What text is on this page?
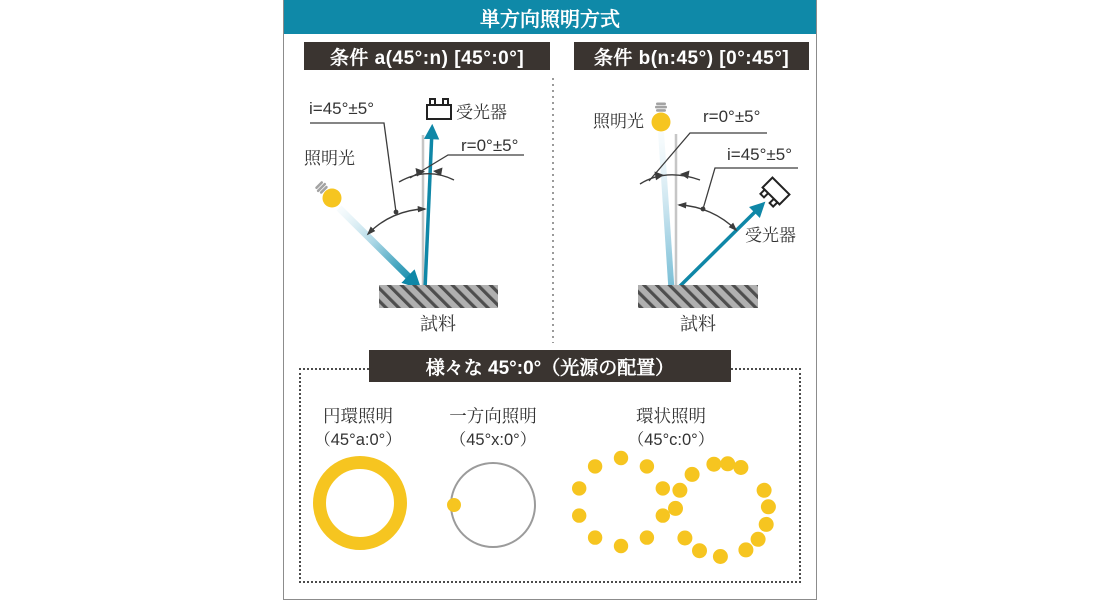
単方向照明方式
条件 a(45°:n) [45°:0°]	条件 b(n:45°) [0°:45°]
i=45°±5°
照明光
受光器
r=0°±5°
試料
照明光	r=0°±5°
i=45°±5°
受光器
試料
様々な 45°:0°（光源の配置）
円環照明
（45°a:0°）
一方向照明
（45°x:0°）
環状照明
（45°c:0°）
